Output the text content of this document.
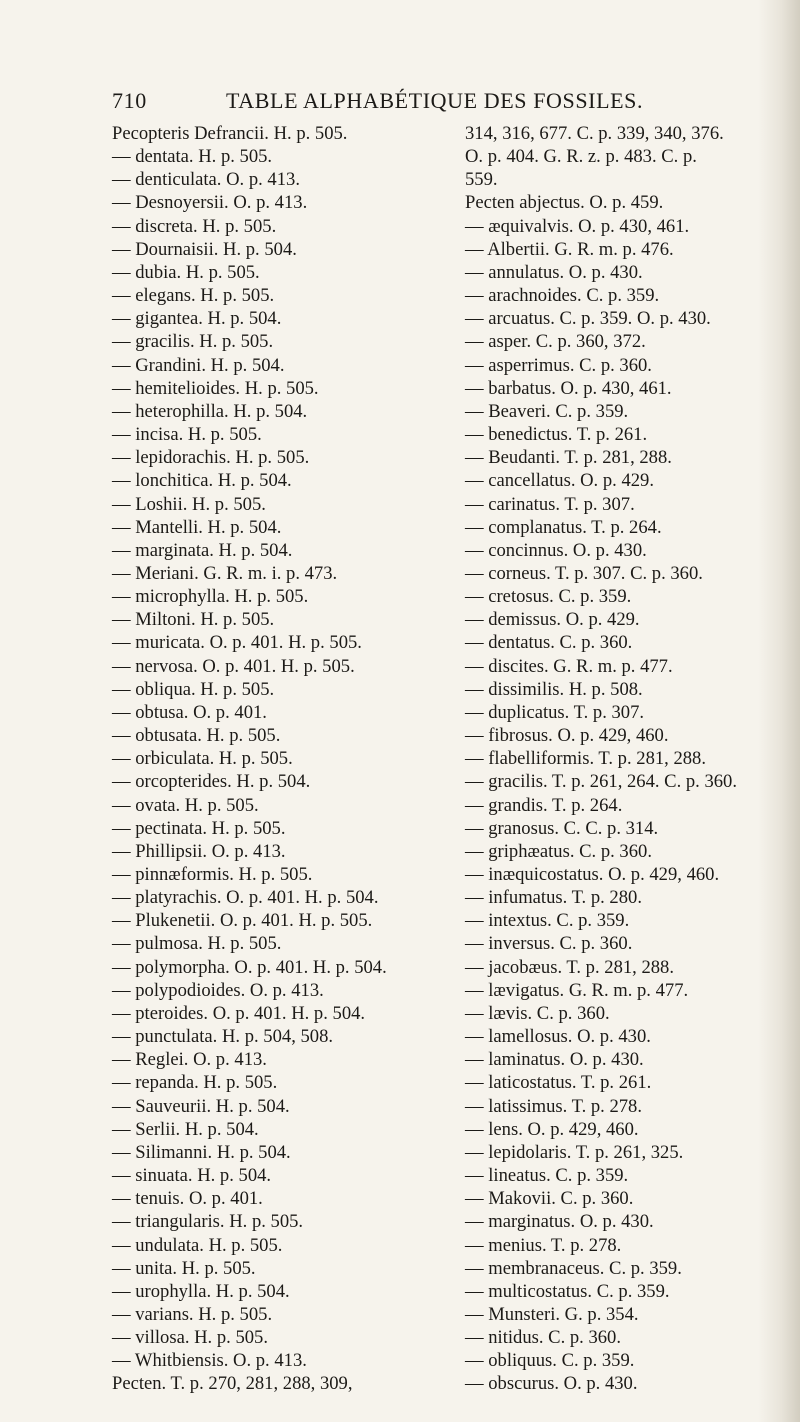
710	TABLE ALPHABÉTIQUE DES FOSSILES.
Pecopteris Defrancii. H. p. 505.
— dentata. H. p. 505.
— denticulata. O. p. 413.
— Desnoyersii. O. p. 413.
— discreta. H. p. 505.
— Dournaisii. H. p. 504.
— dubia. H. p. 505.
— elegans. H. p. 505.
— gigantea. H. p. 504.
— gracilis. H. p. 505.
— Grandini. H. p. 504.
— hemitelioides. H. p. 505.
— heterophilla. H. p. 504.
— incisa. H. p. 505.
— lepidorachis. H. p. 505.
— lonchitica. H. p. 504.
— Loshii. H. p. 505.
— Mantelli. H. p. 504.
— marginata. H. p. 504.
— Meriani. G. R. m. i. p. 473.
— microphylla. H. p. 505.
— Miltoni. H. p. 505.
— muricata. O. p. 401. H. p. 505.
— nervosa. O. p. 401. H. p. 505.
— obliqua. H. p. 505.
— obtusa. O. p. 401.
— obtusata. H. p. 505.
— orbiculata. H. p. 505.
— orcopterides. H. p. 504.
— ovata. H. p. 505.
— pectinata. H. p. 505.
— Phillipsii. O. p. 413.
— pinnæformis. H. p. 505.
— platyrachis. O. p. 401. H. p. 504.
— Plukenetii. O. p. 401. H. p. 505.
— pulmosa. H. p. 505.
— polymorpha. O. p. 401. H. p. 504.
— polypodioides. O. p. 413.
— pteroides. O. p. 401. H. p. 504.
— punctulata. H. p. 504, 508.
— Reglei. O. p. 413.
— repanda. H. p. 505.
— Sauveurii. H. p. 504.
— Serlii. H. p. 504.
— Silimanni. H. p. 504.
— sinuata. H. p. 504.
— tenuis. O. p. 401.
— triangularis. H. p. 505.
— undulata. H. p. 505.
— unita. H. p. 505.
— urophylla. H. p. 504.
— varians. H. p. 505.
— villosa. H. p. 505.
— Whitbiensis. O. p. 413.
Pecten. T. p. 270, 281, 288, 309,
314, 316, 677. C. p. 339, 340, 376.
O. p. 404. G. R. z. p. 483. C. p.
559.
Pecten abjectus. O. p. 459.
— æquivalvis. O. p. 430, 461.
— Albertii. G. R. m. p. 476.
— annulatus. O. p. 430.
— arachnoides. C. p. 359.
— arcuatus. C. p. 359. O. p. 430.
— asper. C. p. 360, 372.
— asperrimus. C. p. 360.
— barbatus. O. p. 430, 461.
— Beaveri. C. p. 359.
— benedictus. T. p. 261.
— Beudanti. T. p. 281, 288.
— cancellatus. O. p. 429.
— carinatus. T. p. 307.
— complanatus. T. p. 264.
— concinnus. O. p. 430.
— corneus. T. p. 307. C. p. 360.
— cretosus. C. p. 359.
— demissus. O. p. 429.
— dentatus. C. p. 360.
— discites. G. R. m. p. 477.
— dissimilis. H. p. 508.
— duplicatus. T. p. 307.
— fibrosus. O. p. 429, 460.
— flabelliformis. T. p. 281, 288.
— gracilis. T. p. 261, 264. C. p. 360.
— grandis. T. p. 264.
— granosus. C. C. p. 314.
— griphæatus. C. p. 360.
— inæquicostatus. O. p. 429, 460.
— infumatus. T. p. 280.
— intextus. C. p. 359.
— inversus. C. p. 360.
— jacobæus. T. p. 281, 288.
— lævigatus. G. R. m. p. 477.
— lævis. C. p. 360.
— lamellosus. O. p. 430.
— laminatus. O. p. 430.
— laticostatus. T. p. 261.
— latissimus. T. p. 278.
— lens. O. p. 429, 460.
— lepidolaris. T. p. 261, 325.
— lineatus. C. p. 359.
— Makovii. C. p. 360.
— marginatus. O. p. 430.
— menius. T. p. 278.
— membranaceus. C. p. 359.
— multicostatus. C. p. 359.
— Munsteri. G. p. 354.
— nitidus. C. p. 360.
— obliquus. C. p. 359.
— obscurus. O. p. 430.
